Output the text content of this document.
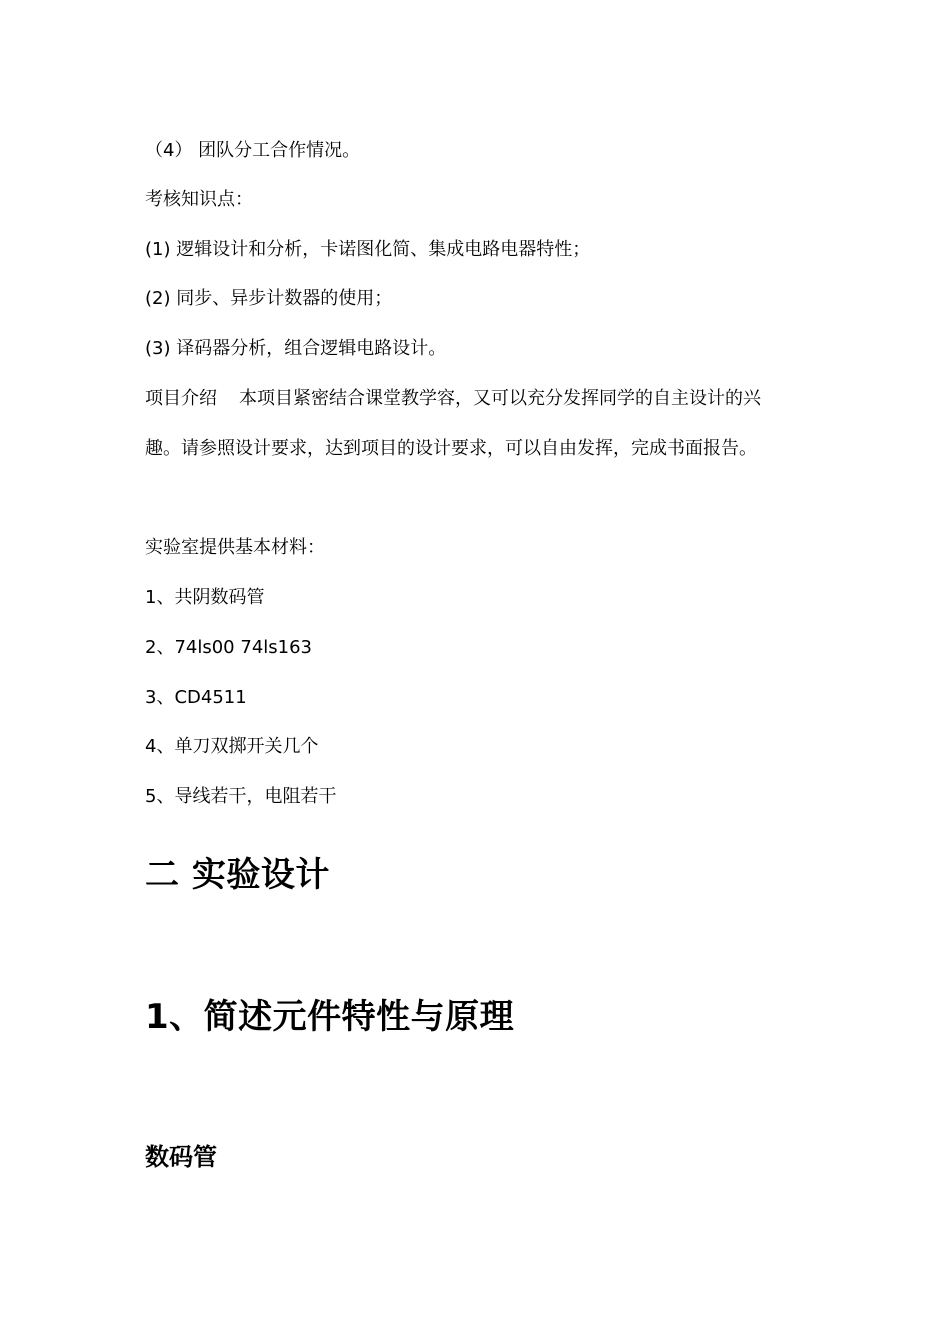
（4） 团队分工合作情况。
考核知识点：
(1) 逻辑设计和分析，卡诺图化简、集成电路电器特性；
(2) 同步、异步计数器的使用；
(3) 译码器分析，组合逻辑电路设计。
项目介绍 本项目紧密结合课堂教学容，又可以充分发挥同学的自主设计的兴
趣。请参照设计要求，达到项目的设计要求，可以自由发挥，完成书面报告。
实验室提供基本材料：
1、共阴数码管
2、74ls00 74ls163
3、CD4511
4、单刀双掷开关几个
5、导线若干，电阻若干
二 实验设计
1、简述元件特性与原理
数码管
